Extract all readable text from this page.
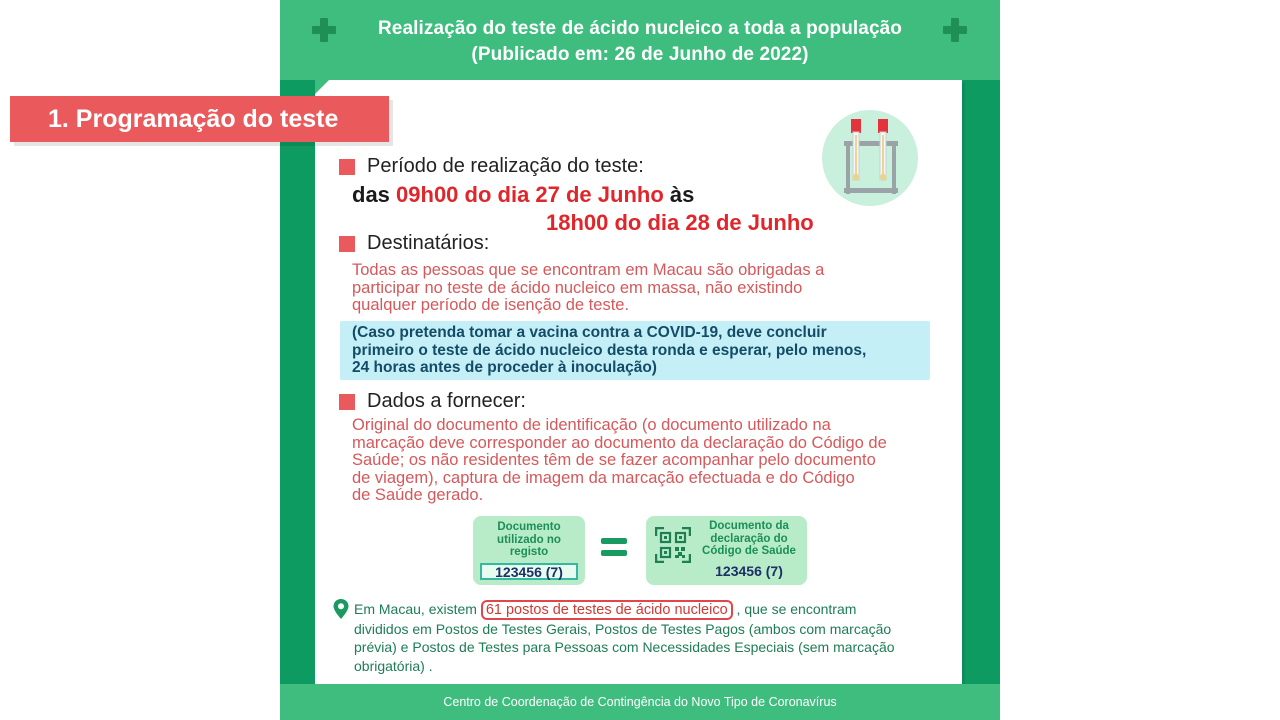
Realização do teste de ácido nucleico a toda a população
(Publicado em: 26 de Junho de 2022)
Centro de Coordenação de Contingência do Novo Tipo de Coronavírus
1. Programação do teste
Período de realização do teste:
das 09h00 do dia 27 de Junho às
18h00 do dia 28 de Junho
Destinatários:
Todas as pessoas que se encontram em Macau são obrigadas a
participar no teste de ácido nucleico em massa, não existindo
qualquer período de isenção de teste.
(Caso pretenda tomar a vacina contra a COVID-19, deve concluir
primeiro o teste de ácido nucleico desta ronda e esperar, pelo menos,
24 horas antes de proceder à inoculação)
Dados a fornecer:
Original do documento de identificação (o documento utilizado na
marcação deve corresponder ao documento da declaração do Código de
Saúde; os não residentes têm de se fazer acompanhar pelo documento
de viagem), captura de imagem da marcação efectuada e do Código
de Saúde gerado.
Documento
utilizado no
registo
123456 (7)
Documento da
declaração do
Código de Saúde
123456 (7)
Em Macau, existem 61 postos de testes de ácido nucleico , que se encontram
divididos em Postos de Testes Gerais, Postos de Testes Pagos (ambos com marcação
prévia) e Postos de Testes para Pessoas com Necessidades Especiais (sem marcação
obrigatória) .
